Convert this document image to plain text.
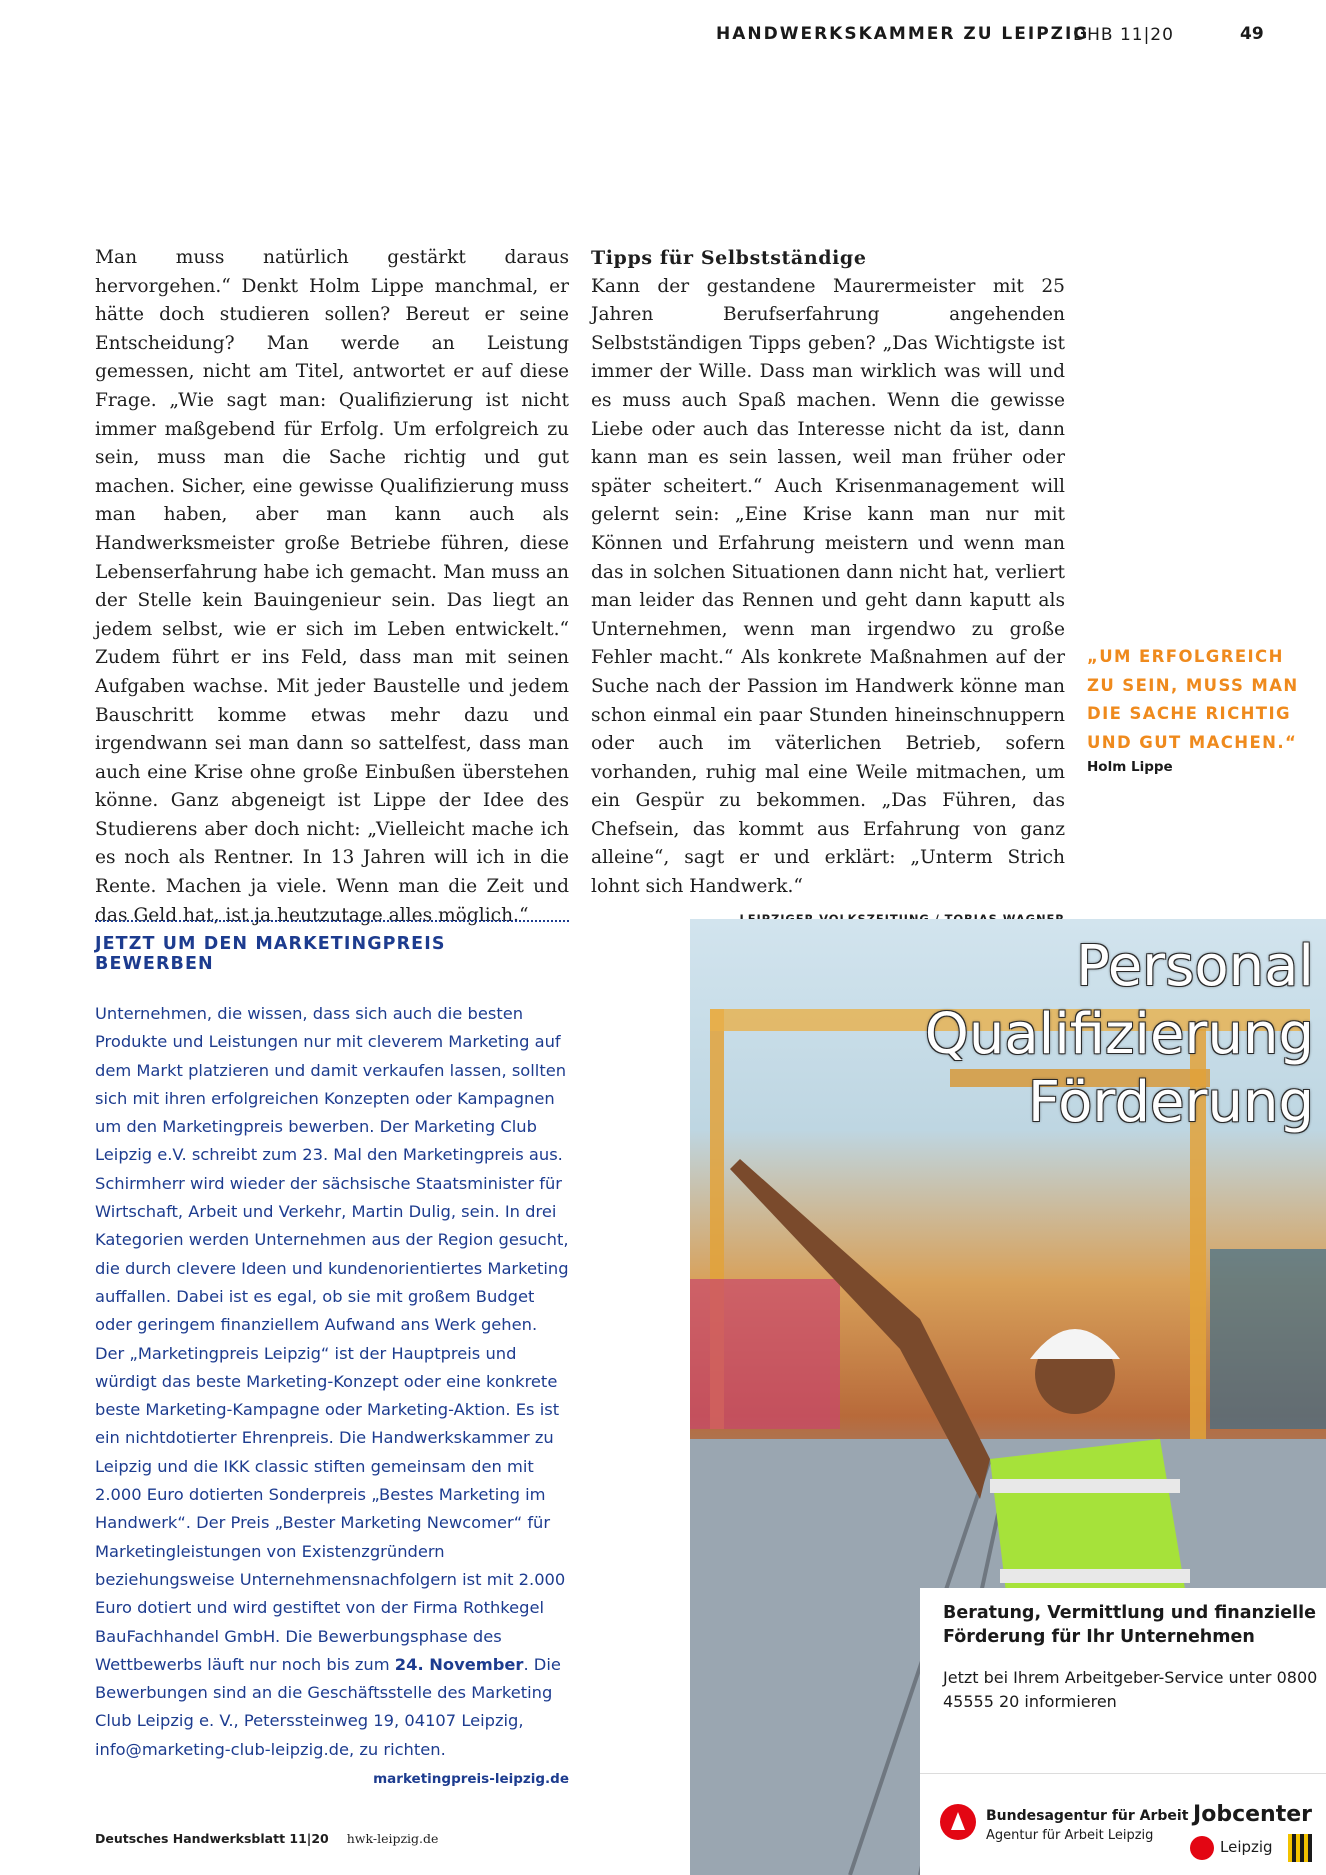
HANDWERKSKAMMER ZU LEIPZIG
DHB 11|20	49

Man muss natürlich gestärkt daraus hervorgehen.“ Denkt Holm Lippe manchmal, er hätte doch studieren sollen? Bereut er seine Entscheidung? Man werde an Leistung gemessen, nicht am Titel, antwortet er auf diese Frage. „Wie sagt man: Qualifizierung ist nicht immer maßgebend für Erfolg. Um erfolgreich zu sein, muss man die Sache richtig und gut machen. Sicher, eine gewisse Qualifizierung muss man haben, aber man kann auch als Handwerksmeister große Betriebe führen, diese Lebenserfahrung habe ich gemacht. Man muss an der Stelle kein Bauingenieur sein. Das liegt an jedem selbst, wie er sich im Leben entwickelt.“ Zudem führt er ins Feld, dass man mit seinen Aufgaben wachse. Mit jeder Baustelle und jedem Bauschritt komme etwas mehr dazu und irgendwann sei man dann so sattelfest, dass man auch eine Krise ohne große Einbußen überstehen könne. Ganz abgeneigt ist Lippe der Idee des Studierens aber doch nicht: „Vielleicht mache ich es noch als Rentner. In 13 Jahren will ich in die Rente. Machen ja viele. Wenn man die Zeit und das Geld hat, ist ja heutzutage alles möglich.“

Tipps für Selbstständige

Kann der gestandene Maurermeister mit 25 Jahren Berufserfahrung angehenden Selbstständigen Tipps geben? „Das Wichtigste ist immer der Wille. Dass man wirklich was will und es muss auch Spaß machen. Wenn die gewisse Liebe oder auch das Interesse nicht da ist, dann kann man es sein lassen, weil man früher oder später scheitert.“ Auch Krisenmanagement will gelernt sein: „Eine Krise kann man nur mit Können und Erfahrung meistern und wenn man das in solchen Situationen dann nicht hat, verliert man leider das Rennen und geht dann kaputt als Unternehmen, wenn man irgendwo zu große Fehler macht.“ Als konkrete Maßnahmen auf der Suche nach der Passion im Handwerk könne man schon einmal ein paar Stunden hineinschnuppern oder auch im väterlichen Betrieb, sofern vorhanden, ruhig mal eine Weile mitmachen, um ein Gespür zu bekommen. „Das Führen, das Chefsein, das kommt aus Erfahrung von ganz alleine“, sagt er und erklärt: „Unterm Strich lohnt sich Handwerk.“

„UM ERFOLGREICH ZU SEIN, MUSS MAN DIE SACHE RICHTIG UND GUT MACHEN.“
Holm Lippe
JETZT UM DEN MARKETINGPREIS BEWERBEN

Unternehmen, die wissen, dass sich auch die besten Produkte und Leistungen nur mit cleverem Marketing auf dem Markt platzieren und damit verkaufen lassen, sollten sich mit ihren erfolgreichen Konzepten oder Kampagnen um den Marketingpreis bewerben. Der Marketing Club Leipzig e.V. schreibt zum 23. Mal den Marketingpreis aus. Schirmherr wird wieder der sächsische Staatsminister für Wirtschaft, Arbeit und Verkehr, Martin Dulig, sein. In drei Kategorien werden Unternehmen aus der Region gesucht, die durch clevere Ideen und kundenorientiertes Marketing auffallen. Dabei ist es egal, ob sie mit großem Budget oder geringem finanziellem Aufwand ans Werk gehen. Der „Marketingpreis Leipzig“ ist der Hauptpreis und würdigt das beste Marketing-Konzept oder eine konkrete beste Marketing-Kampagne oder Marketing-Aktion. Es ist ein nichtdotierter Ehrenpreis. Die Handwerkskammer zu Leipzig und die IKK classic stiften gemeinsam den mit 2.000 Euro dotierten Sonderpreis „Bestes Marketing im Handwerk“. Der Preis „Bester Marketing Newcomer“ für Marketingleistungen von Existenzgründern beziehungsweise Unternehmensnachfolgern ist mit 2.000 Euro dotiert und wird gestiftet von der Firma Rothkegel BauFachhandel GmbH. Die Bewerbungsphase des Wettbewerbs läuft nur noch bis zum 24. November. Die Bewerbungen sind an die Geschäftsstelle des Marketing Club Leipzig e. V., Peterssteinweg 19, 04107 Leipzig, info@marketing-club-leipzig.de, zu richten.
marketingpreis-leipzig.de

Deutsches Handwerksblatt 11|20 hwk-leipzig.de
Personal
Qualifizierung
Förderung
Beratung, Vermittlung und finanzielle Förderung für Ihr Unternehmen
Jetzt bei Ihrem Arbeitgeber-Service unter 0800 45555 20 informieren
Bundesagentur für Arbeit
Agentur für Arbeit Leipzig
Jobcenter
Leipzig
